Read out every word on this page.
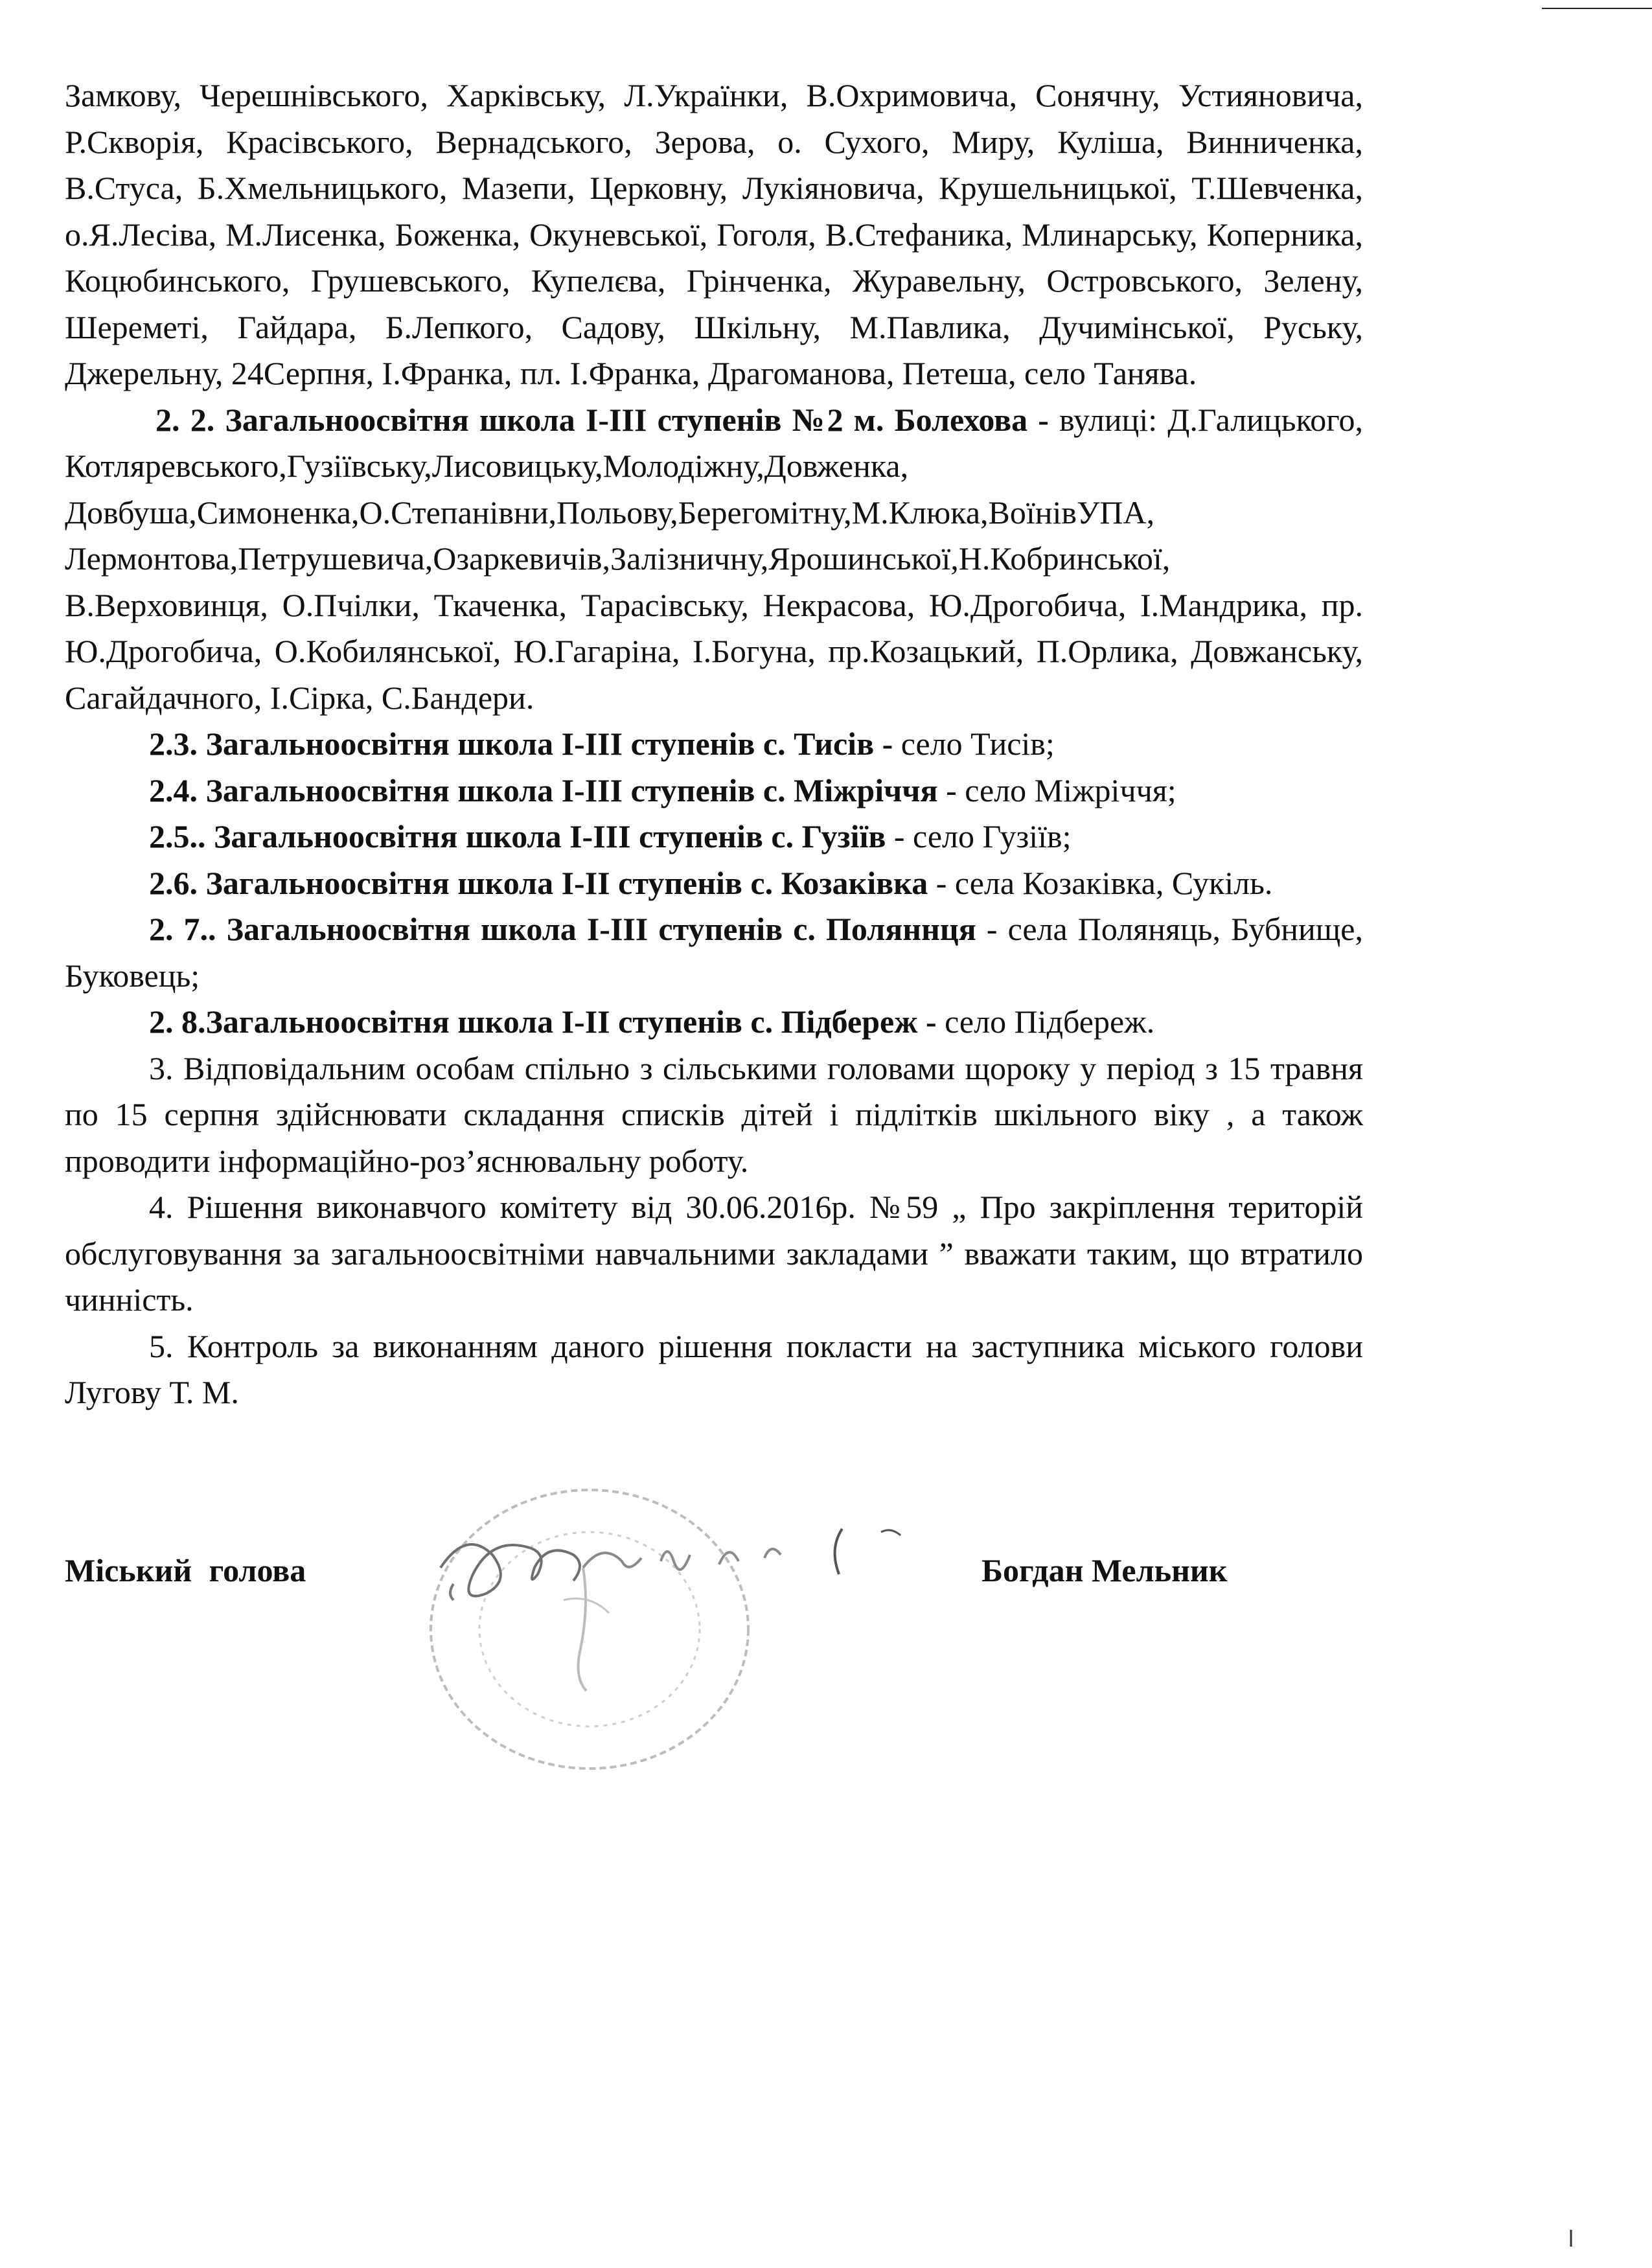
Замкову, Черешнівського, Харківську, Л.Українки, В.Охримовича, Сонячну, Устияновича, Р.Скворія, Красівського, Вернадського, Зерова, о. Сухого, Миру, Куліша, Винниченка, В.Стуса, Б.Хмельницького, Мазепи, Церковну, Лукіяновича, Крушельницької, Т.Шевченка, о.Я.Лесіва, М.Лисенка, Боженка, Окуневської, Гоголя, В.Стефаника, Млинарську, Коперника, Коцюбинського, Грушевського, Купелєва, Грінченка, Журавельну, Островського, Зелену, Шереметі, Гайдара, Б.Лепкого, Садову, Шкільну, М.Павлика, Дучимінської, Руську, Джерельну, 24Серпня, І.Франка, пл. І.Франка, Драгоманова, Петеша, село Танява.

2. 2. Загальноосвітня школа І-ІІІ ступенів №2 м. Болехова - вулиці: Д.Галицького, Котляревського,Гузіївську,Лисовицьку,Молодіжну,Довженка, Довбуша,Симоненка,О.Степанівни,Польову,Берегомітну,М.Клюка,ВоїнівУПА, Лермонтова,Петрушевича,Озаркевичів,Залізничну,Ярошинської,Н.Кобринської, В.Верховинця, О.Пчілки, Ткаченка, Тарасівську, Некрасова, Ю.Дрогобича, І.Мандрика, пр. Ю.Дрогобича, О.Кобилянської, Ю.Гагаріна, І.Богуна, пр.Козацький, П.Орлика, Довжанську, Сагайдачного, І.Сірка, С.Бандери.

2.3. Загальноосвітня школа І-ІІІ ступенів с. Тисів - село Тисів;

2.4. Загальноосвітня школа І-ІІІ ступенів с. Міжріччя - село Міжріччя;

2.5.. Загальноосвітня школа І-ІІІ ступенів с. Гузіїв - село Гузіїв;

2.6. Загальноосвітня школа І-ІІ ступенів с. Козаківка - села Козаківка, Сукіль.

2. 7.. Загальноосвітня школа І-ІІІ ступенів с. Поляннця - села Поляняць, Бубнище, Буковець;

2. 8.Загальноосвітня школа І-ІІ ступенів с. Підбереж - село Підбереж.

3. Відповідальним особам спільно з сільськими головами щороку у період з 15 травня по 15 серпня здійснювати складання списків дітей і підлітків шкільного віку , а також проводити інформаційно-роз’яснювальну роботу.

4. Рішення виконавчого комітету від 30.06.2016р. №59 „ Про закріплення територій обслуговування за загальноосвітніми навчальними закладами ” вважати таким, що втратило чинність.

5. Контроль за виконанням даного рішення покласти на заступника міського голови Лугову Т. М.

Міський голова	Богдан Мельник
